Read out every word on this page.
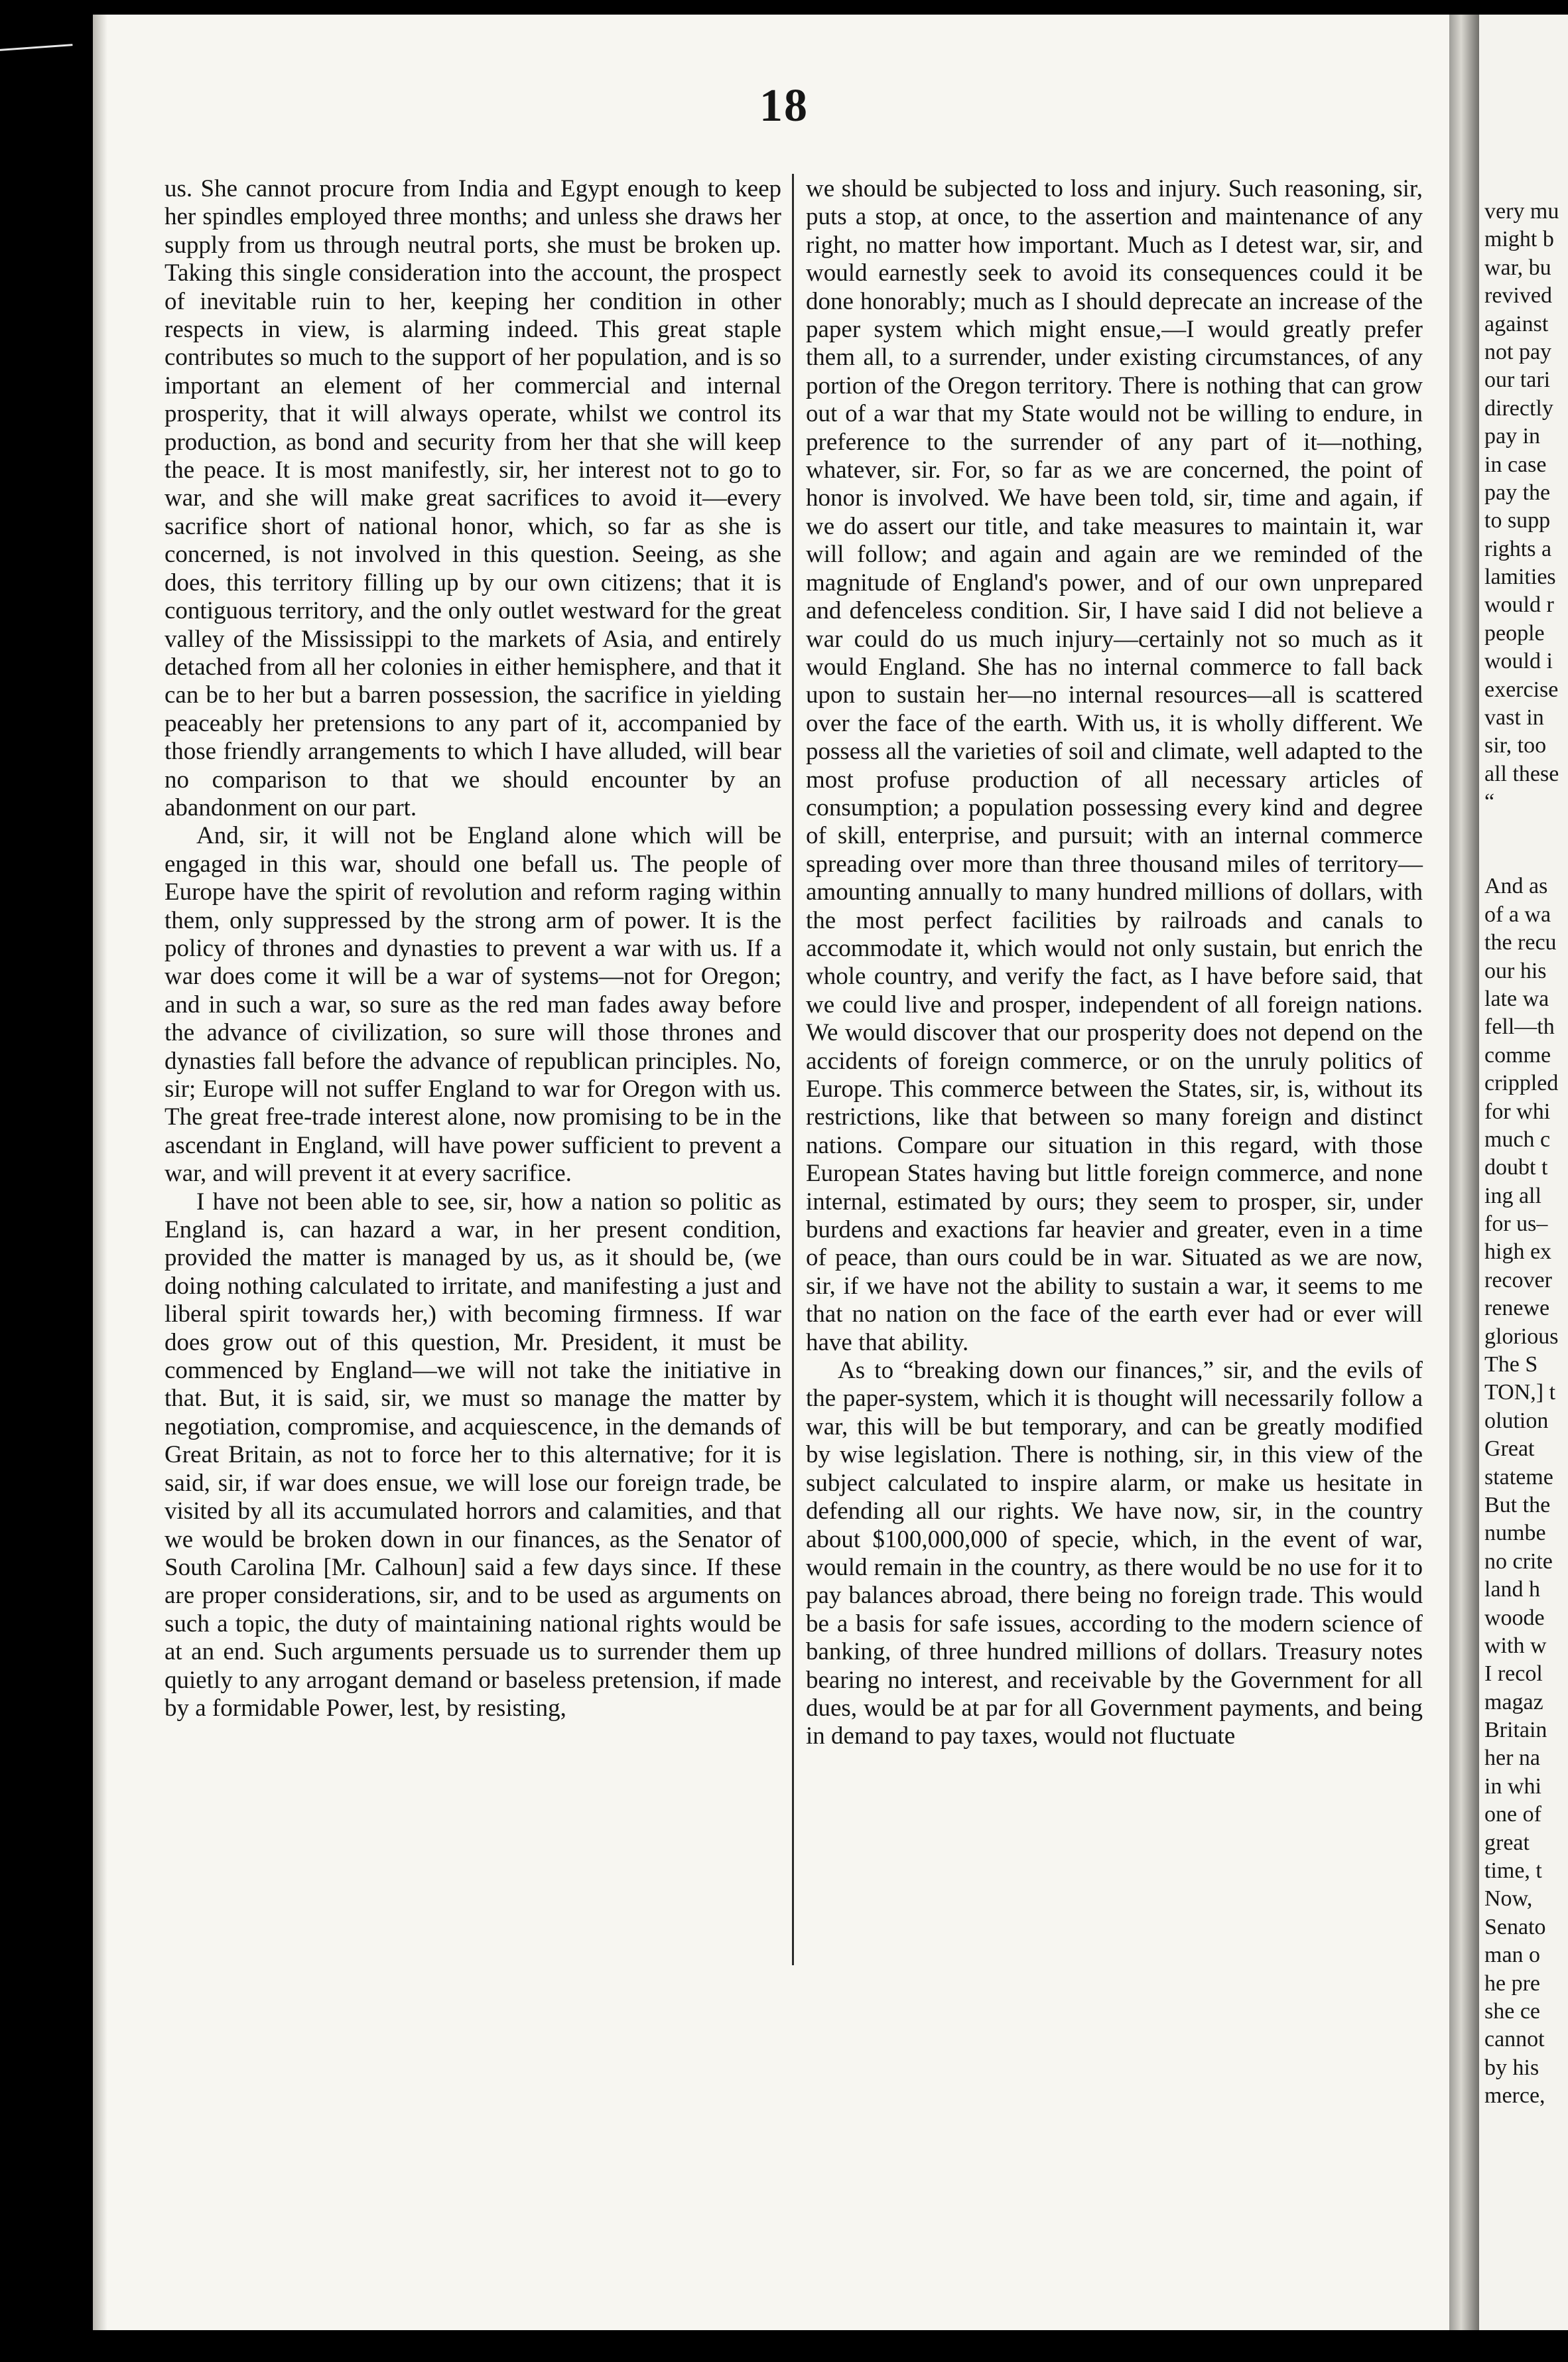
very mu
might b
war, bu
revived
against
not pay
our tari
directly
pay in
in case
pay the
to supp
rights a
lamities
would r
people
would i
exercise
vast in
sir, too
all these
“
And as
of a wa
the recu
our his
late wa
fell—th
comme
crippled
for whi
much c
doubt t
ing all
for us–
high ex
recover
renewe
glorious
The S
TON,] t
olution
Great
stateme
But the
numbe
no crite
land h
woode
with w
I recol
magaz
Britain
her na
in whi
one of
great
time, t
Now,
Senato
man o
he pre
she ce
cannot
by his
merce,
18

us. She cannot procure from India and Egypt enough to keep her spindles employed three months; and unless she draws her supply from us through neutral ports, she must be broken up. Taking this single consideration into the account, the prospect of inevitable ruin to her, keeping her condition in other respects in view, is alarming indeed. This great staple contributes so much to the support of her population, and is so important an element of her commercial and internal prosperity, that it will always operate, whilst we control its production, as bond and security from her that she will keep the peace. It is most manifestly, sir, her interest not to go to war, and she will make great sacrifices to avoid it—every sacrifice short of national honor, which, so far as she is concerned, is not involved in this question. Seeing, as she does, this territory filling up by our own citizens; that it is contiguous territory, and the only outlet westward for the great valley of the Mississippi to the markets of Asia, and entirely detached from all her colonies in either hemisphere, and that it can be to her but a barren possession, the sacrifice in yielding peaceably her pretensions to any part of it, accompanied by those friendly arrangements to which I have alluded, will bear no comparison to that we should encounter by an abandonment on our part.

And, sir, it will not be England alone which will be engaged in this war, should one befall us. The people of Europe have the spirit of revolution and reform raging within them, only suppressed by the strong arm of power. It is the policy of thrones and dynasties to prevent a war with us. If a war does come it will be a war of systems—not for Oregon; and in such a war, so sure as the red man fades away before the advance of civilization, so sure will those thrones and dynasties fall before the advance of republican principles. No, sir; Europe will not suffer England to war for Oregon with us. The great free-trade interest alone, now promising to be in the ascendant in England, will have power sufficient to prevent a war, and will prevent it at every sacrifice.

I have not been able to see, sir, how a nation so politic as England is, can hazard a war, in her present condition, provided the matter is managed by us, as it should be, (we doing nothing calculated to irritate, and manifesting a just and liberal spirit towards her,) with becoming firmness. If war does grow out of this question, Mr. President, it must be commenced by England—we will not take the initiative in that. But, it is said, sir, we must so manage the matter by negotiation, compromise, and acquiescence, in the demands of Great Britain, as not to force her to this alternative; for it is said, sir, if war does ensue, we will lose our foreign trade, be visited by all its accumulated horrors and calamities, and that we would be broken down in our finances, as the Senator of South Carolina [Mr. Calhoun] said a few days since. If these are proper considerations, sir, and to be used as arguments on such a topic, the duty of maintaining national rights would be at an end. Such arguments persuade us to surrender them up quietly to any arrogant demand or baseless pretension, if made by a formidable Power, lest, by resisting,

we should be subjected to loss and injury. Such reasoning, sir, puts a stop, at once, to the assertion and maintenance of any right, no matter how important. Much as I detest war, sir, and would earnestly seek to avoid its consequences could it be done honorably; much as I should deprecate an increase of the paper system which might ensue,—I would greatly prefer them all, to a surrender, under existing circumstances, of any portion of the Oregon territory. There is nothing that can grow out of a war that my State would not be willing to endure, in preference to the surrender of any part of it—nothing, whatever, sir. For, so far as we are concerned, the point of honor is involved. We have been told, sir, time and again, if we do assert our title, and take measures to maintain it, war will follow; and again and again are we reminded of the magnitude of England's power, and of our own unprepared and defenceless condition. Sir, I have said I did not believe a war could do us much injury—certainly not so much as it would England. She has no internal commerce to fall back upon to sustain her—no internal resources—all is scattered over the face of the earth. With us, it is wholly different. We possess all the varieties of soil and climate, well adapted to the most profuse production of all necessary articles of consumption; a population possessing every kind and degree of skill, enterprise, and pursuit; with an internal commerce spreading over more than three thousand miles of territory—amounting annually to many hundred millions of dollars, with the most perfect facilities by railroads and canals to accommodate it, which would not only sustain, but enrich the whole country, and verify the fact, as I have before said, that we could live and prosper, independent of all foreign nations. We would discover that our prosperity does not depend on the accidents of foreign commerce, or on the unruly politics of Europe. This commerce between the States, sir, is, without its restrictions, like that between so many foreign and distinct nations. Compare our situation in this regard, with those European States having but little foreign commerce, and none internal, estimated by ours; they seem to prosper, sir, under burdens and exactions far heavier and greater, even in a time of peace, than ours could be in war. Situated as we are now, sir, if we have not the ability to sustain a war, it seems to me that no nation on the face of the earth ever had or ever will have that ability.

As to “breaking down our finances,” sir, and the evils of the paper-system, which it is thought will necessarily follow a war, this will be but temporary, and can be greatly modified by wise legislation. There is nothing, sir, in this view of the subject calculated to inspire alarm, or make us hesitate in defending all our rights. We have now, sir, in the country about $100,000,000 of specie, which, in the event of war, would remain in the country, as there would be no use for it to pay balances abroad, there being no foreign trade. This would be a basis for safe issues, according to the modern science of banking, of three hundred millions of dollars. Treasury notes bearing no interest, and receivable by the Government for all dues, would be at par for all Government payments, and being in demand to pay taxes, would not fluctuate
